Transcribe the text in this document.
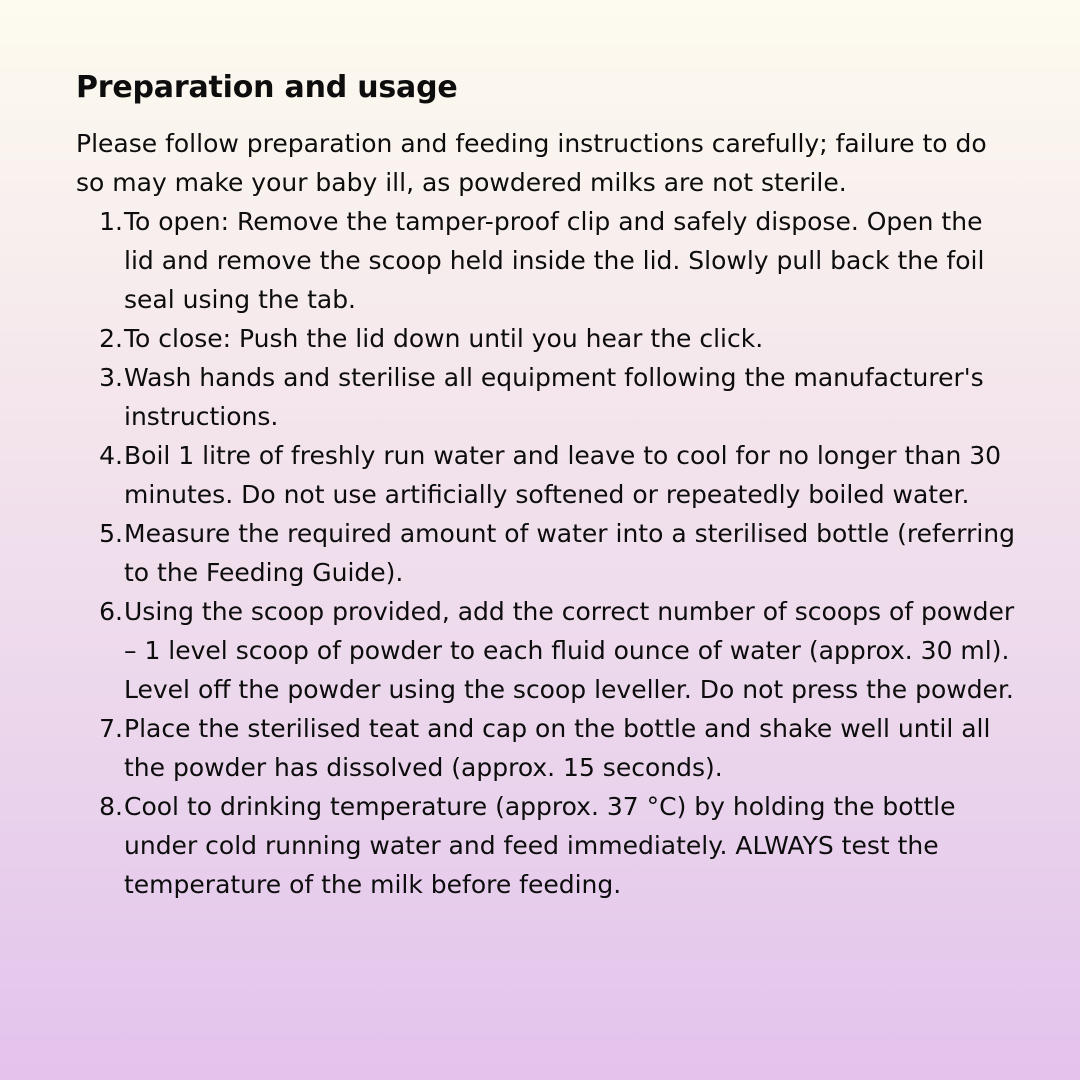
Preparation and usage

Please follow preparation and feeding instructions carefully; failure to do so may make your baby ill, as powdered milks are not sterile.

1. To open: Remove the tamper-proof clip and safely dispose. Open the lid and remove the scoop held inside the lid. Slowly pull back the foil seal using the tab.
2. To close: Push the lid down until you hear the click.
3. Wash hands and sterilise all equipment following the manufacturer's instructions.
4. Boil 1 litre of freshly run water and leave to cool for no longer than 30 minutes. Do not use artificially softened or repeatedly boiled water.
5. Measure the required amount of water into a sterilised bottle (referring to the Feeding Guide).
6. Using the scoop provided, add the correct number of scoops of powder – 1 level scoop of powder to each fluid ounce of water (approx. 30 ml). Level off the powder using the scoop leveller. Do not press the powder.
7. Place the sterilised teat and cap on the bottle and shake well until all the powder has dissolved (approx. 15 seconds).
8. Cool to drinking temperature (approx. 37 °C) by holding the bottle under cold running water and feed immediately. ALWAYS test the temperature of the milk before feeding.
